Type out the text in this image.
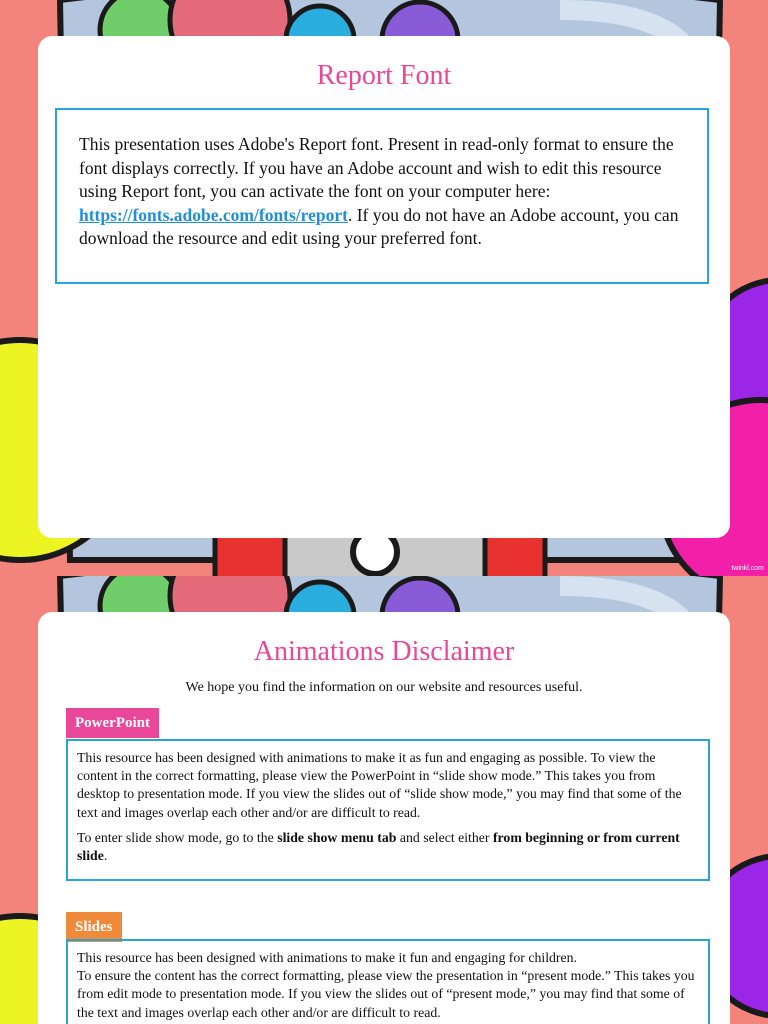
Report Font
This presentation uses Adobe's Report font. Present in read-only format to ensure the font displays correctly. If you have an Adobe account and wish to edit this resource using Report font, you can activate the font on your computer here: https://fonts.adobe.com/fonts/report. If you do not have an Adobe account, you can download the resource and edit using your preferred font.
twinkl.com
Animations Disclaimer
We hope you find the information on our website and resources useful.
PowerPoint

This resource has been designed with animations to make it as fun and engaging as possible. To view the content in the correct formatting, please view the PowerPoint in “slide show mode.” This takes you from desktop to presentation mode. If you view the slides out of “slide show mode,” you may find that some of the text and images overlap each other and/or are difficult to read.

To enter slide show mode, go to the slide show menu tab and select either from beginning or from current slide.

Slides
This resource has been designed with animations to make it fun and engaging for children.
To ensure the content has the correct formatting, please view the presentation in “present mode.” This takes you from edit mode to presentation mode. If you view the slides out of “present mode,” you may find that some of the text and images overlap each other and/or are difficult to read.
